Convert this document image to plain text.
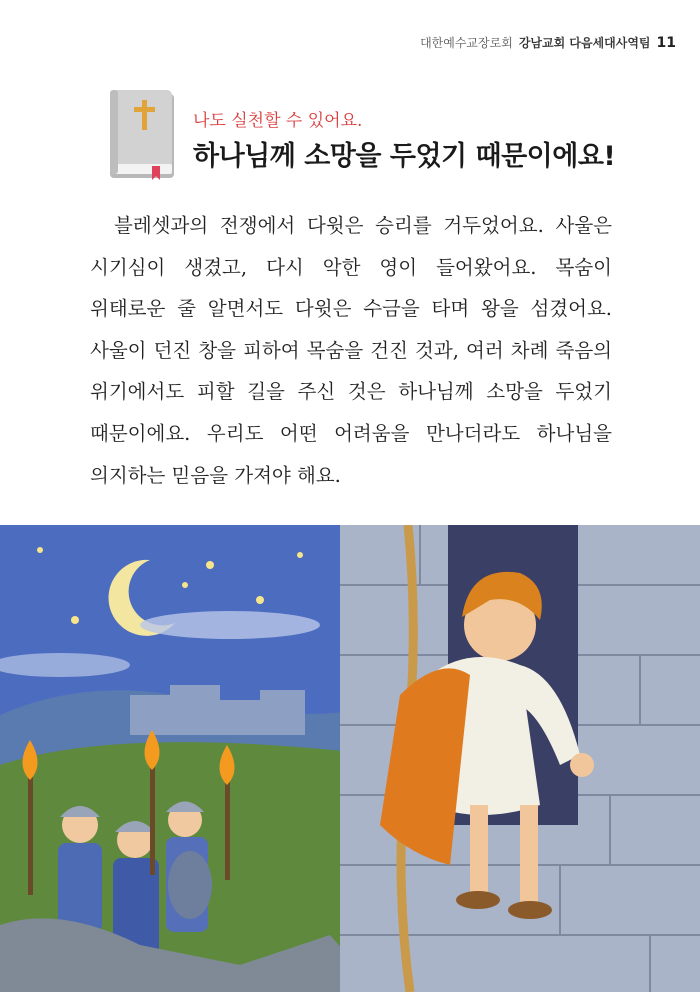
대한예수교장로회 강남교회 다음세대사역팀 11
나도 실천할 수 있어요.
하나님께 소망을 두었기 때문이에요!

블레셋과의 전쟁에서 다윗은 승리를 거두었어요. 사울은 시기심이 생겼고, 다시 악한 영이 들어왔어요. 목숨이 위태로운 줄 알면서도 다윗은 수금을 타며 왕을 섬겼어요. 사울이 던진 창을 피하여 목숨을 건진 것과, 여러 차례 죽음의 위기에서도 피할 길을 주신 것은 하나님께 소망을 두었기 때문이에요. 우리도 어떤 어려움을 만나더라도 하나님을 의지하는 믿음을 가져야 해요.
